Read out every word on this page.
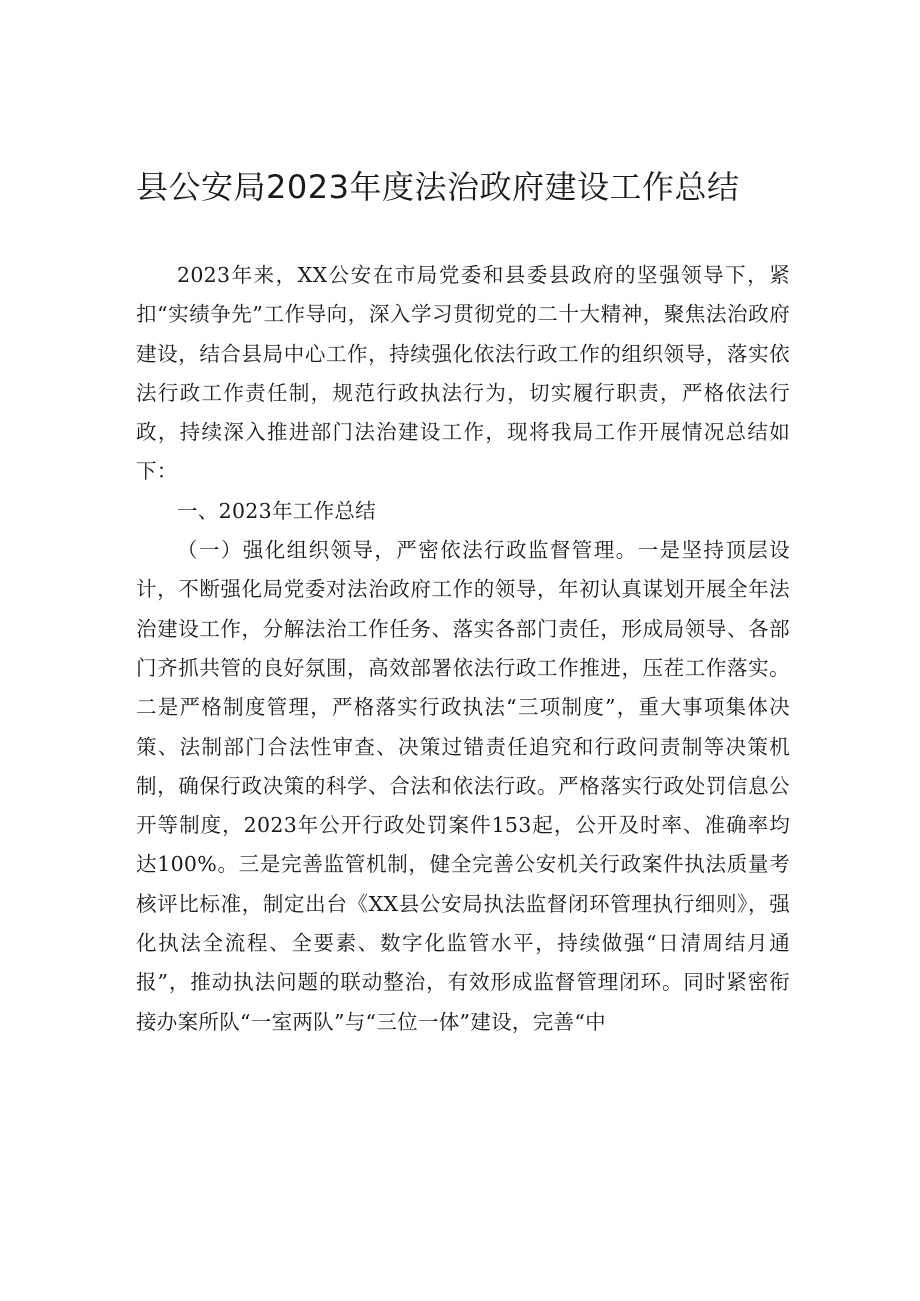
县公安局2023年度法治政府建设工作总结

2023年来，XX公安在市局党委和县委县政府的坚强领导下，紧扣“实绩争先”工作导向，深入学习贯彻党的二十大精神，聚焦法治政府建设，结合县局中心工作，持续强化依法行政工作的组织领导，落实依法行政工作责任制，规范行政执法行为，切实履行职责，严格依法行政，持续深入推进部门法治建设工作，现将我局工作开展情况总结如下：

一、2023年工作总结

（一）强化组织领导，严密依法行政监督管理。一是坚持顶层设计，不断强化局党委对法治政府工作的领导，年初认真谋划开展全年法治建设工作，分解法治工作任务、落实各部门责任，形成局领导、各部门齐抓共管的良好氛围，高效部署依法行政工作推进，压茬工作落实。二是严格制度管理，严格落实行政执法“三项制度”，重大事项集体决策、法制部门合法性审查、决策过错责任追究和行政问责制等决策机制，确保行政决策的科学、合法和依法行政。严格落实行政处罚信息公开等制度，2023年公开行政处罚案件153起，公开及时率、准确率均达100%。三是完善监管机制，健全完善公安机关行政案件执法质量考核评比标准，制定出台《XX县公安局执法监督闭环管理执行细则》，强化执法全流程、全要素、数字化监管水平，持续做强“日清周结月通报”，推动执法问题的联动整治，有效形成监督管理闭环。同时紧密衔接办案所队“一室两队”与“三位一体”建设，完善“中
